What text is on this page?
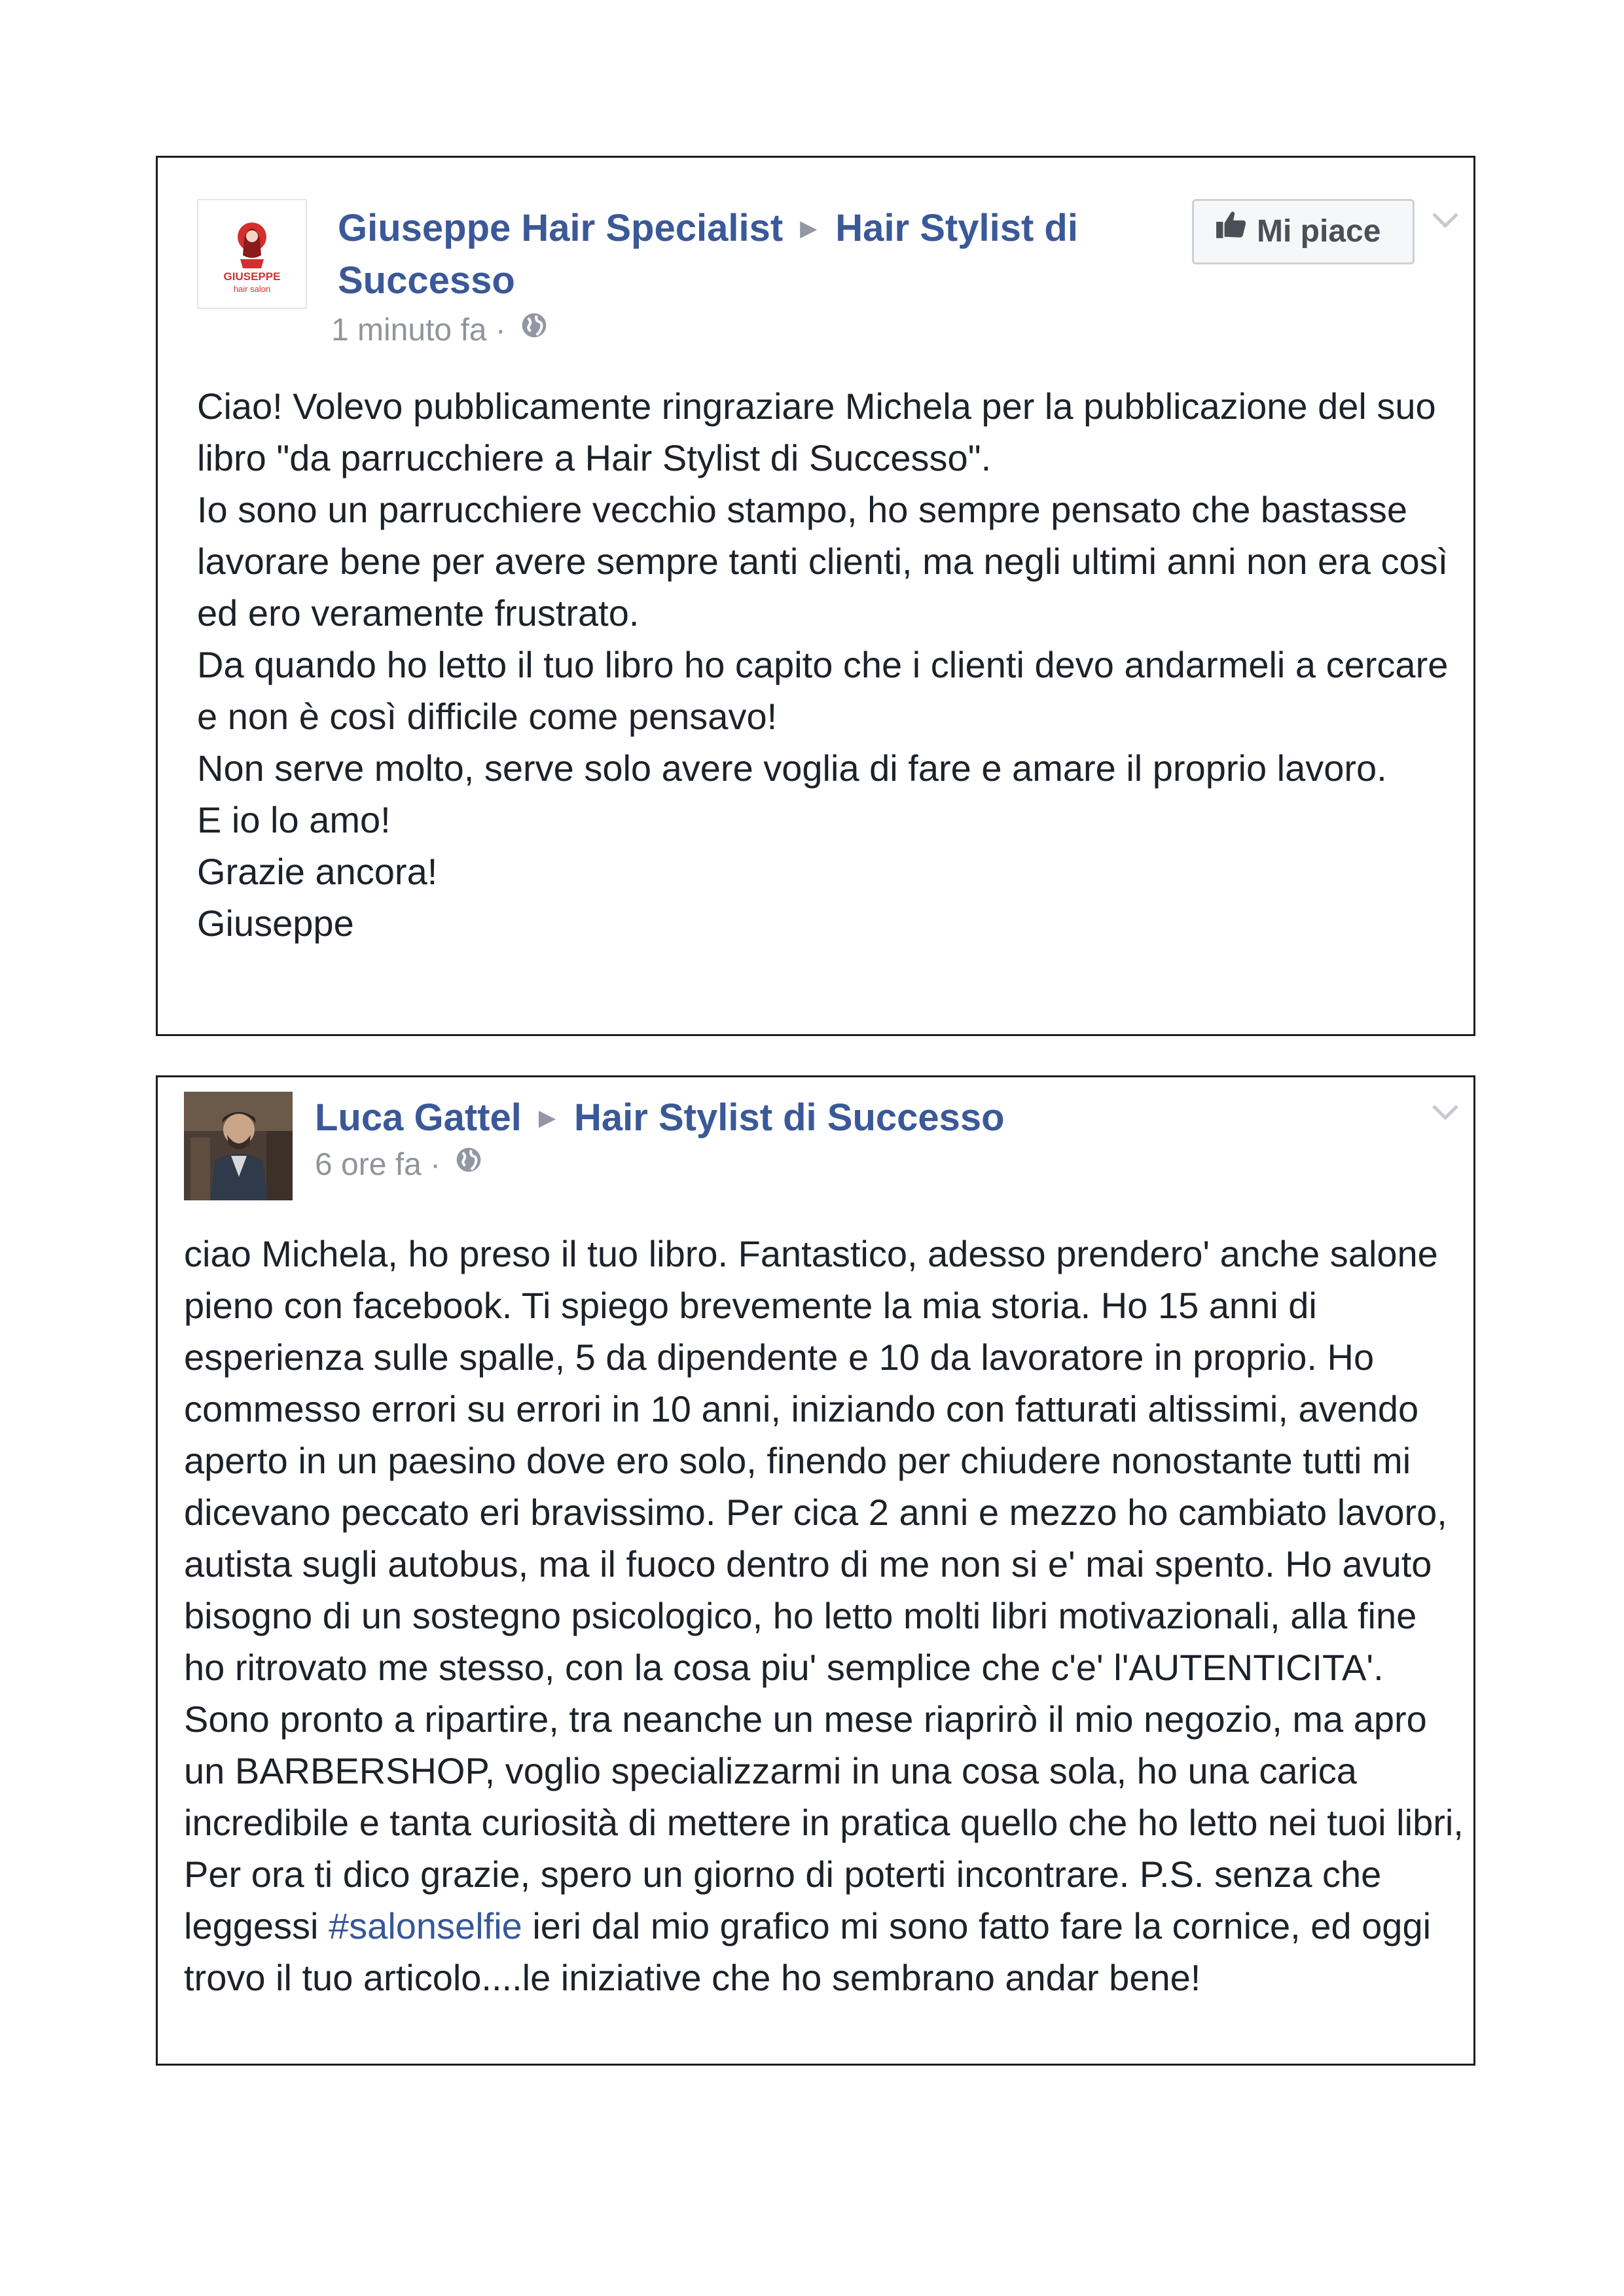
GIUSEPPE
hair salon
Giuseppe Hair Specialist ▶ Hair Stylist di
Successo
1 minuto fa ·
Mi piace

Ciao! Volevo pubblicamente ringraziare Michela per la pubblicazione del suo libro "da parrucchiere a Hair Stylist di Successo".

Io sono un parrucchiere vecchio stampo, ho sempre pensato che bastasse lavorare bene per avere sempre tanti clienti, ma negli ultimi anni non era così ed ero veramente frustrato.

Da quando ho letto il tuo libro ho capito che i clienti devo andarmeli a cercare e non è così difficile come pensavo!

Non serve molto, serve solo avere voglia di fare e amare il proprio lavoro.

E io lo amo!

Grazie ancora!

Giuseppe

Luca Gattel ▶ Hair Stylist di Successo
6 ore fa ·

ciao Michela, ho preso il tuo libro. Fantastico, adesso prendero' anche salone pieno con facebook. Ti spiego brevemente la mia storia. Ho 15 anni di esperienza sulle spalle, 5 da dipendente e 10 da lavoratore in proprio. Ho commesso errori su errori in 10 anni, iniziando con fatturati altissimi, avendo aperto in un paesino dove ero solo, finendo per chiudere nonostante tutti mi dicevano peccato eri bravissimo. Per cica 2 anni e mezzo ho cambiato lavoro, autista sugli autobus, ma il fuoco dentro di me non si e' mai spento. Ho avuto bisogno di un sostegno psicologico, ho letto molti libri motivazionali, alla fine ho ritrovato me stesso, con la cosa piu' semplice che c'e' l'AUTENTICITA'. Sono pronto a ripartire, tra neanche un mese riaprirò il mio negozio, ma apro un BARBERSHOP, voglio specializzarmi in una cosa sola, ho una carica incredibile e tanta curiosità di mettere in pratica quello che ho letto nei tuoi libri, Per ora ti dico grazie, spero un giorno di poterti incontrare. P.S. senza che leggessi #salonselfie ieri dal mio grafico mi sono fatto fare la cornice, ed oggi trovo il tuo articolo....le iniziative che ho sembrano andar bene!
